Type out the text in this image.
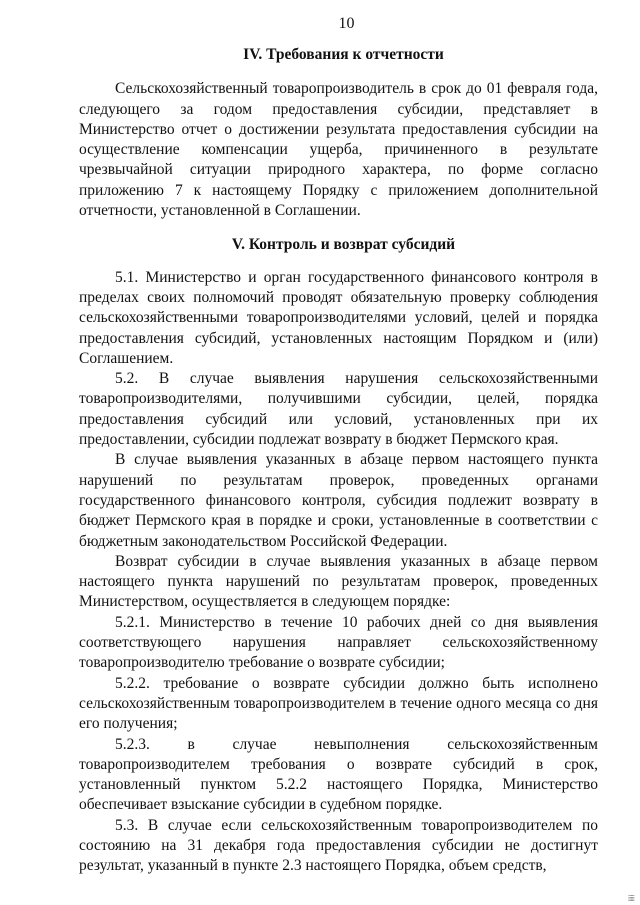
10
IV. Требования к отчетности

Сельскохозяйственный товаропроизводитель в срок до 01 февраля года, следующего за годом предоставления субсидии, представляет в Министерство отчет о достижении результата предоставления субсидии на осуществление компенсации ущерба, причиненного в результате чрезвычайной ситуации природного характера, по форме согласно приложению 7 к настоящему Порядку с приложением дополнительной отчетности, установленной в Соглашении.

V. Контроль и возврат субсидий

5.1. Министерство и орган государственного финансового контроля в пределах своих полномочий проводят обязательную проверку соблюдения сельскохозяйственными товаропроизводителями условий, целей и порядка предоставления субсидий, установленных настоящим Порядком и (или) Соглашением.

5.2. В случае выявления нарушения сельскохозяйственными товаропроизводителями, получившими субсидии, целей, порядка предоставления субсидий или условий, установленных при их предоставлении, субсидии подлежат возврату в бюджет Пермского края.

В случае выявления указанных в абзаце первом настоящего пункта нарушений по результатам проверок, проведенных органами государственного финансового контроля, субсидия подлежит возврату в бюджет Пермского края в порядке и сроки, установленные в соответствии с бюджетным законодательством Российской Федерации.

Возврат субсидии в случае выявления указанных в абзаце первом настоящего пункта нарушений по результатам проверок, проведенных Министерством, осуществляется в следующем порядке:

5.2.1. Министерство в течение 10 рабочих дней со дня выявления соответствующего нарушения направляет сельскохозяйственному товаропроизводителю требование о возврате субсидии;

5.2.2. требование о возврате субсидии должно быть исполнено сельскохозяйственным товаропроизводителем в течение одного месяца со дня его получения;

5.2.3. в случае невыполнения сельскохозяйственным товаропроизводителем требования о возврате субсидий в срок, установленный пунктом 5.2.2 настоящего Порядка, Министерство обеспечивает взыскание субсидии в судебном порядке.

5.3. В случае если сельскохозяйственным товаропроизводителем по состоянию на 31 декабря года предоставления субсидии не достигнут результат, указанный в пункте 2.3 настоящего Порядка, объем средств,

⁞⁞⁞⁞⁞
